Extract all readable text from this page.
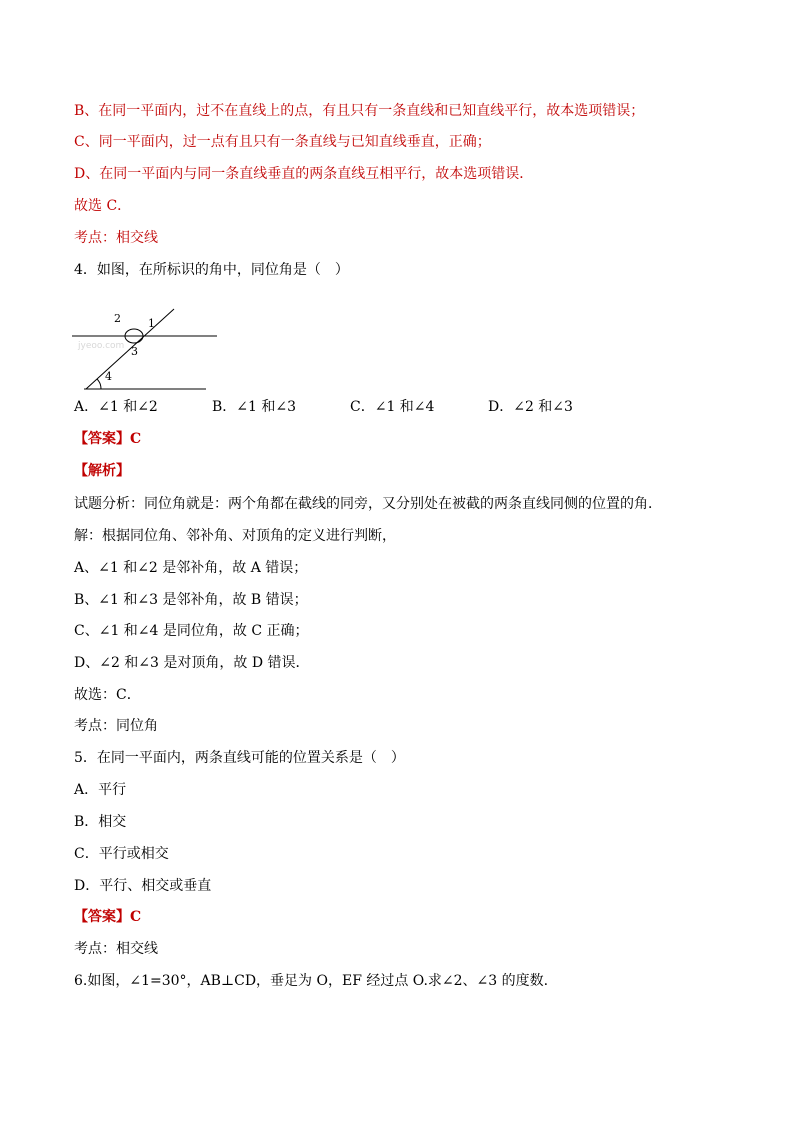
B、在同一平面内，过不在直线上的点，有且只有一条直线和已知直线平行，故本选项错误；
C、同一平面内，过一点有且只有一条直线与已知直线垂直，正确；
D、在同一平面内与同一条直线垂直的两条直线互相平行，故本选项错误．
故选 C．
考点：相交线
4．如图，在所标识的角中，同位角是（　）
jyeoo.com
2 1
3
4
A．∠1 和∠2	B．∠1 和∠3	C．∠1 和∠4	D．∠2 和∠3
【答案】C
【解析】
试题分析：同位角就是：两个角都在截线的同旁，又分别处在被截的两条直线同侧的位置的角．
解：根据同位角、邻补角、对顶角的定义进行判断，
A、∠1 和∠2 是邻补角，故 A 错误；
B、∠1 和∠3 是邻补角，故 B 错误；
C、∠1 和∠4 是同位角，故 C 正确；
D、∠2 和∠3 是对顶角，故 D 错误．
故选：C．
考点：同位角
5．在同一平面内，两条直线可能的位置关系是（　）
A．平行
B．相交
C．平行或相交
D．平行、相交或垂直
【答案】C
考点：相交线
6.如图，∠1=30°，AB⊥CD，垂足为 O，EF 经过点 O.求∠2、∠3 的度数.
